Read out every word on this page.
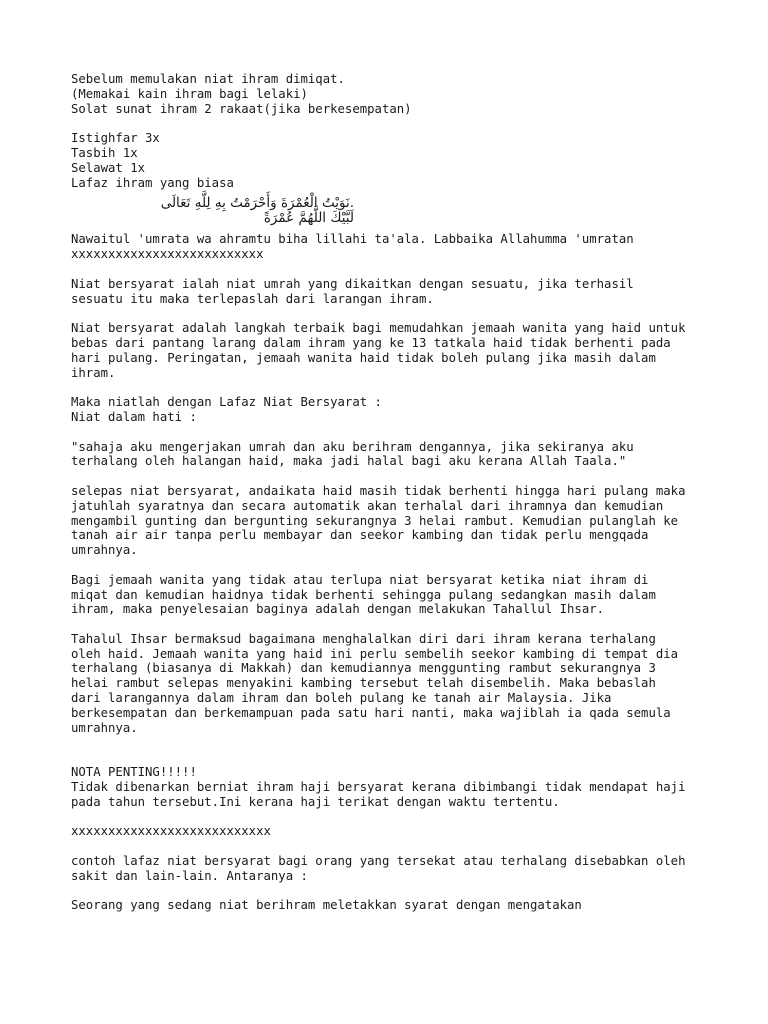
Sebelum memulakan niat ihram dimiqat.
(Memakai kain ihram bagi lelaki)
Solat sunat ihram 2 rakaat(jika berkesempatan)
Istighfar 3x
Tasbih 1x
Selawat 1x
Lafaz ihram yang biasa
.نَوَيْتُ الْعُمْرَةَ وَأَحْرَمْتُ بِهِ لِلَّهِ تَعَالَى
لَبَّيْكَ اللَّهُمَّ عُمْرَةً
Nawaitul 'umrata wa ahramtu biha lillahi ta'ala. Labbaika Allahumma 'umratan
xxxxxxxxxxxxxxxxxxxxxxxxxx
Niat bersyarat ialah niat umrah yang dikaitkan dengan sesuatu, jika terhasil
sesuatu itu maka terlepaslah dari larangan ihram.
Niat bersyarat adalah langkah terbaik bagi memudahkan jemaah wanita yang haid untuk
bebas dari pantang larang dalam ihram yang ke 13 tatkala haid tidak berhenti pada
hari pulang. Peringatan, jemaah wanita haid tidak boleh pulang jika masih dalam
ihram.
Maka niatlah dengan Lafaz Niat Bersyarat :
Niat dalam hati :
"sahaja aku mengerjakan umrah dan aku berihram dengannya, jika sekiranya aku
terhalang oleh halangan haid, maka jadi halal bagi aku kerana Allah Taala."
selepas niat bersyarat, andaikata haid masih tidak berhenti hingga hari pulang maka
jatuhlah syaratnya dan secara automatik akan terhalal dari ihramnya dan kemudian
mengambil gunting dan bergunting sekurangnya 3 helai rambut. Kemudian pulanglah ke
tanah air air tanpa perlu membayar dan seekor kambing dan tidak perlu mengqada
umrahnya.
Bagi jemaah wanita yang tidak atau terlupa niat bersyarat ketika niat ihram di
miqat dan kemudian haidnya tidak berhenti sehingga pulang sedangkan masih dalam
ihram, maka penyelesaian baginya adalah dengan melakukan Tahallul Ihsar.
Tahalul Ihsar bermaksud bagaimana menghalalkan diri dari ihram kerana terhalang
oleh haid. Jemaah wanita yang haid ini perlu sembelih seekor kambing di tempat dia
terhalang (biasanya di Makkah) dan kemudiannya menggunting rambut sekurangnya 3
helai rambut selepas menyakini kambing tersebut telah disembelih. Maka bebaslah
dari larangannya dalam ihram dan boleh pulang ke tanah air Malaysia. Jika
berkesempatan dan berkemampuan pada satu hari nanti, maka wajiblah ia qada semula
umrahnya.
NOTA PENTING!!!!!
Tidak dibenarkan berniat ihram haji bersyarat kerana dibimbangi tidak mendapat haji
pada tahun tersebut.Ini kerana haji terikat dengan waktu tertentu.
xxxxxxxxxxxxxxxxxxxxxxxxxxx
contoh lafaz niat bersyarat bagi orang yang tersekat atau terhalang disebabkan oleh
sakit dan lain-lain. Antaranya :
Seorang yang sedang niat berihram meletakkan syarat dengan mengatakan
